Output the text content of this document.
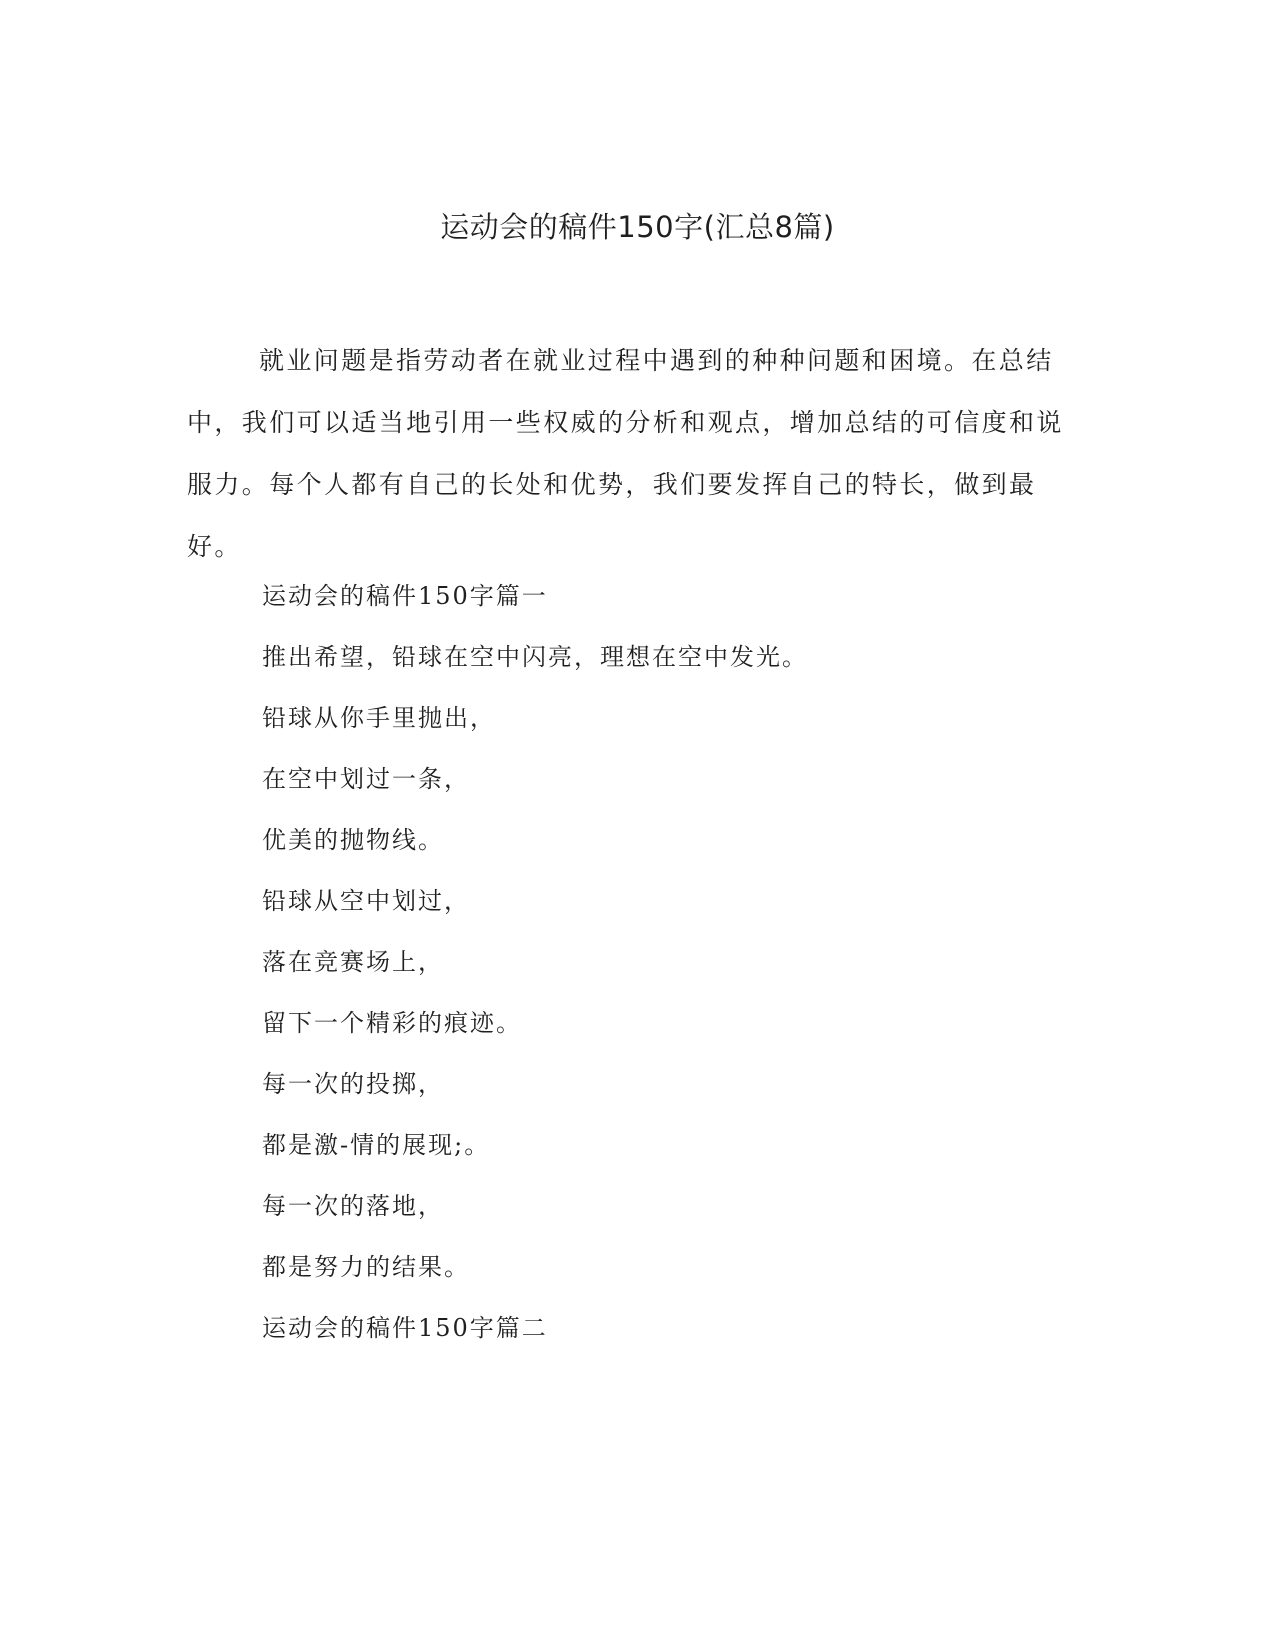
运动会的稿件150字(汇总8篇)

就业问题是指劳动者在就业过程中遇到的种种问题和困境。在总结中，我们可以适当地引用一些权威的分析和观点，增加总结的可信度和说服力。每个人都有自己的长处和优势，我们要发挥自己的特长，做到最好。

运动会的稿件150字篇一
推出希望，铅球在空中闪亮，理想在空中发光。
铅球从你手里抛出，
在空中划过一条，
优美的抛物线。
铅球从空中划过，
落在竞赛场上，
留下一个精彩的痕迹。
每一次的投掷，
都是激-情的展现;。
每一次的落地，
都是努力的结果。
运动会的稿件150字篇二
